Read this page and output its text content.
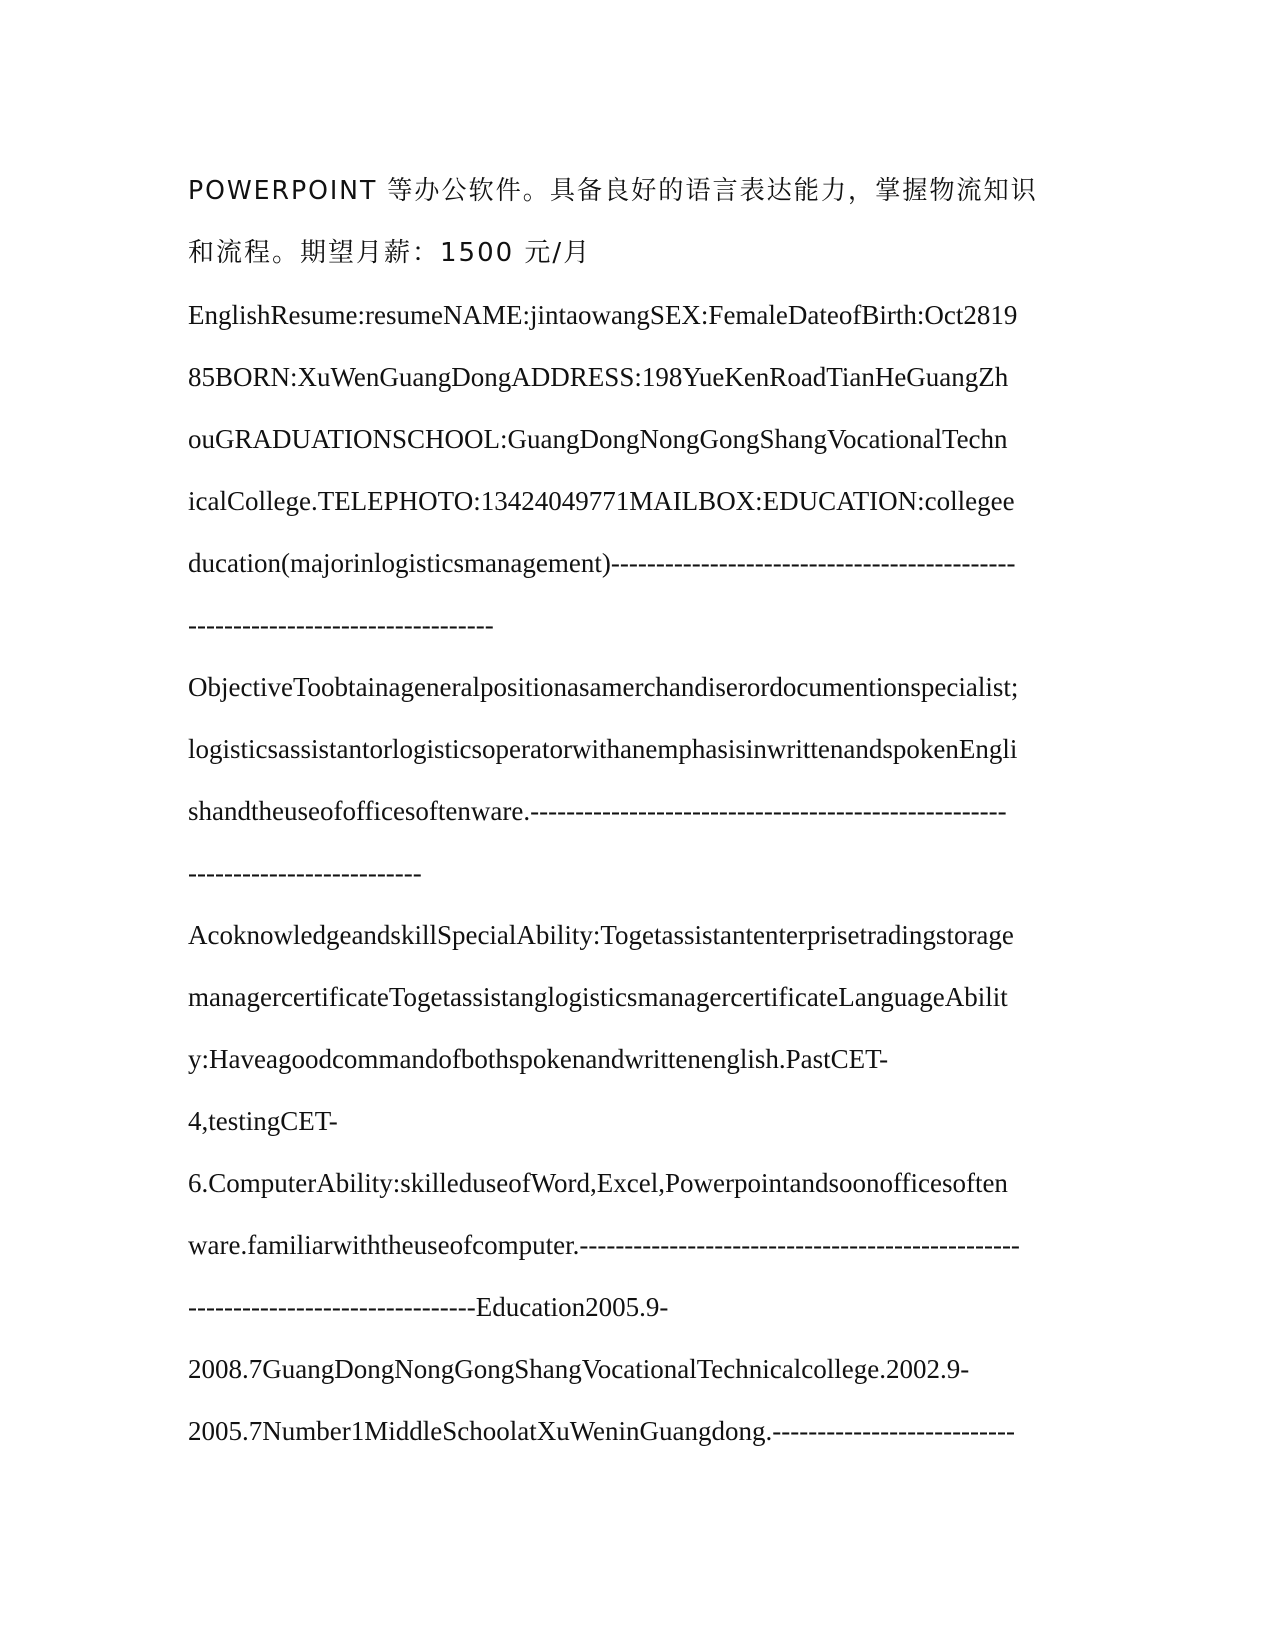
POWERPOINT 等办公软件。具备良好的语言表达能力，掌握物流知识
和流程。期望月薪：1500 元/月
EnglishResume:resumeNAME:jintaowangSEX:FemaleDateofBirth:Oct2819
85BORN:XuWenGuangDongADDRESS:198YueKenRoadTianHeGuangZh
ouGRADUATIONSCHOOL:GuangDongNongGongShangVocationalTechn
icalCollege.TELEPHOTO:13424049771MAILBOX:EDUCATION:collegee
ducation(majorinlogisticsmanagement)---------------------------------------------
----------------------------------
ObjectiveToobtainageneralpositionasamerchandiserordocumentionspecialist;
logisticsassistantorlogisticsoperatorwithanemphasisinwrittenandspokenEngli
shandtheuseofofficesoftenware.-----------------------------------------------------
--------------------------
AcoknowledgeandskillSpecialAbility:Togetassistantenterprisetradingstorage
managercertificateTogetassistanglogisticsmanagercertificateLanguageAbilit
y:Haveagoodcommandofbothspokenandwrittenenglish.PastCET-
4,testingCET-
6.ComputerAbility:skilleduseofWord,Excel,Powerpointandsoonofficesoften
ware.familiarwiththeuseofcomputer.-------------------------------------------------
--------------------------------Education2005.9-
2008.7GuangDongNongGongShangVocationalTechnicalcollege.2002.9-
2005.7Number1MiddleSchoolatXuWeninGuangdong.---------------------------
